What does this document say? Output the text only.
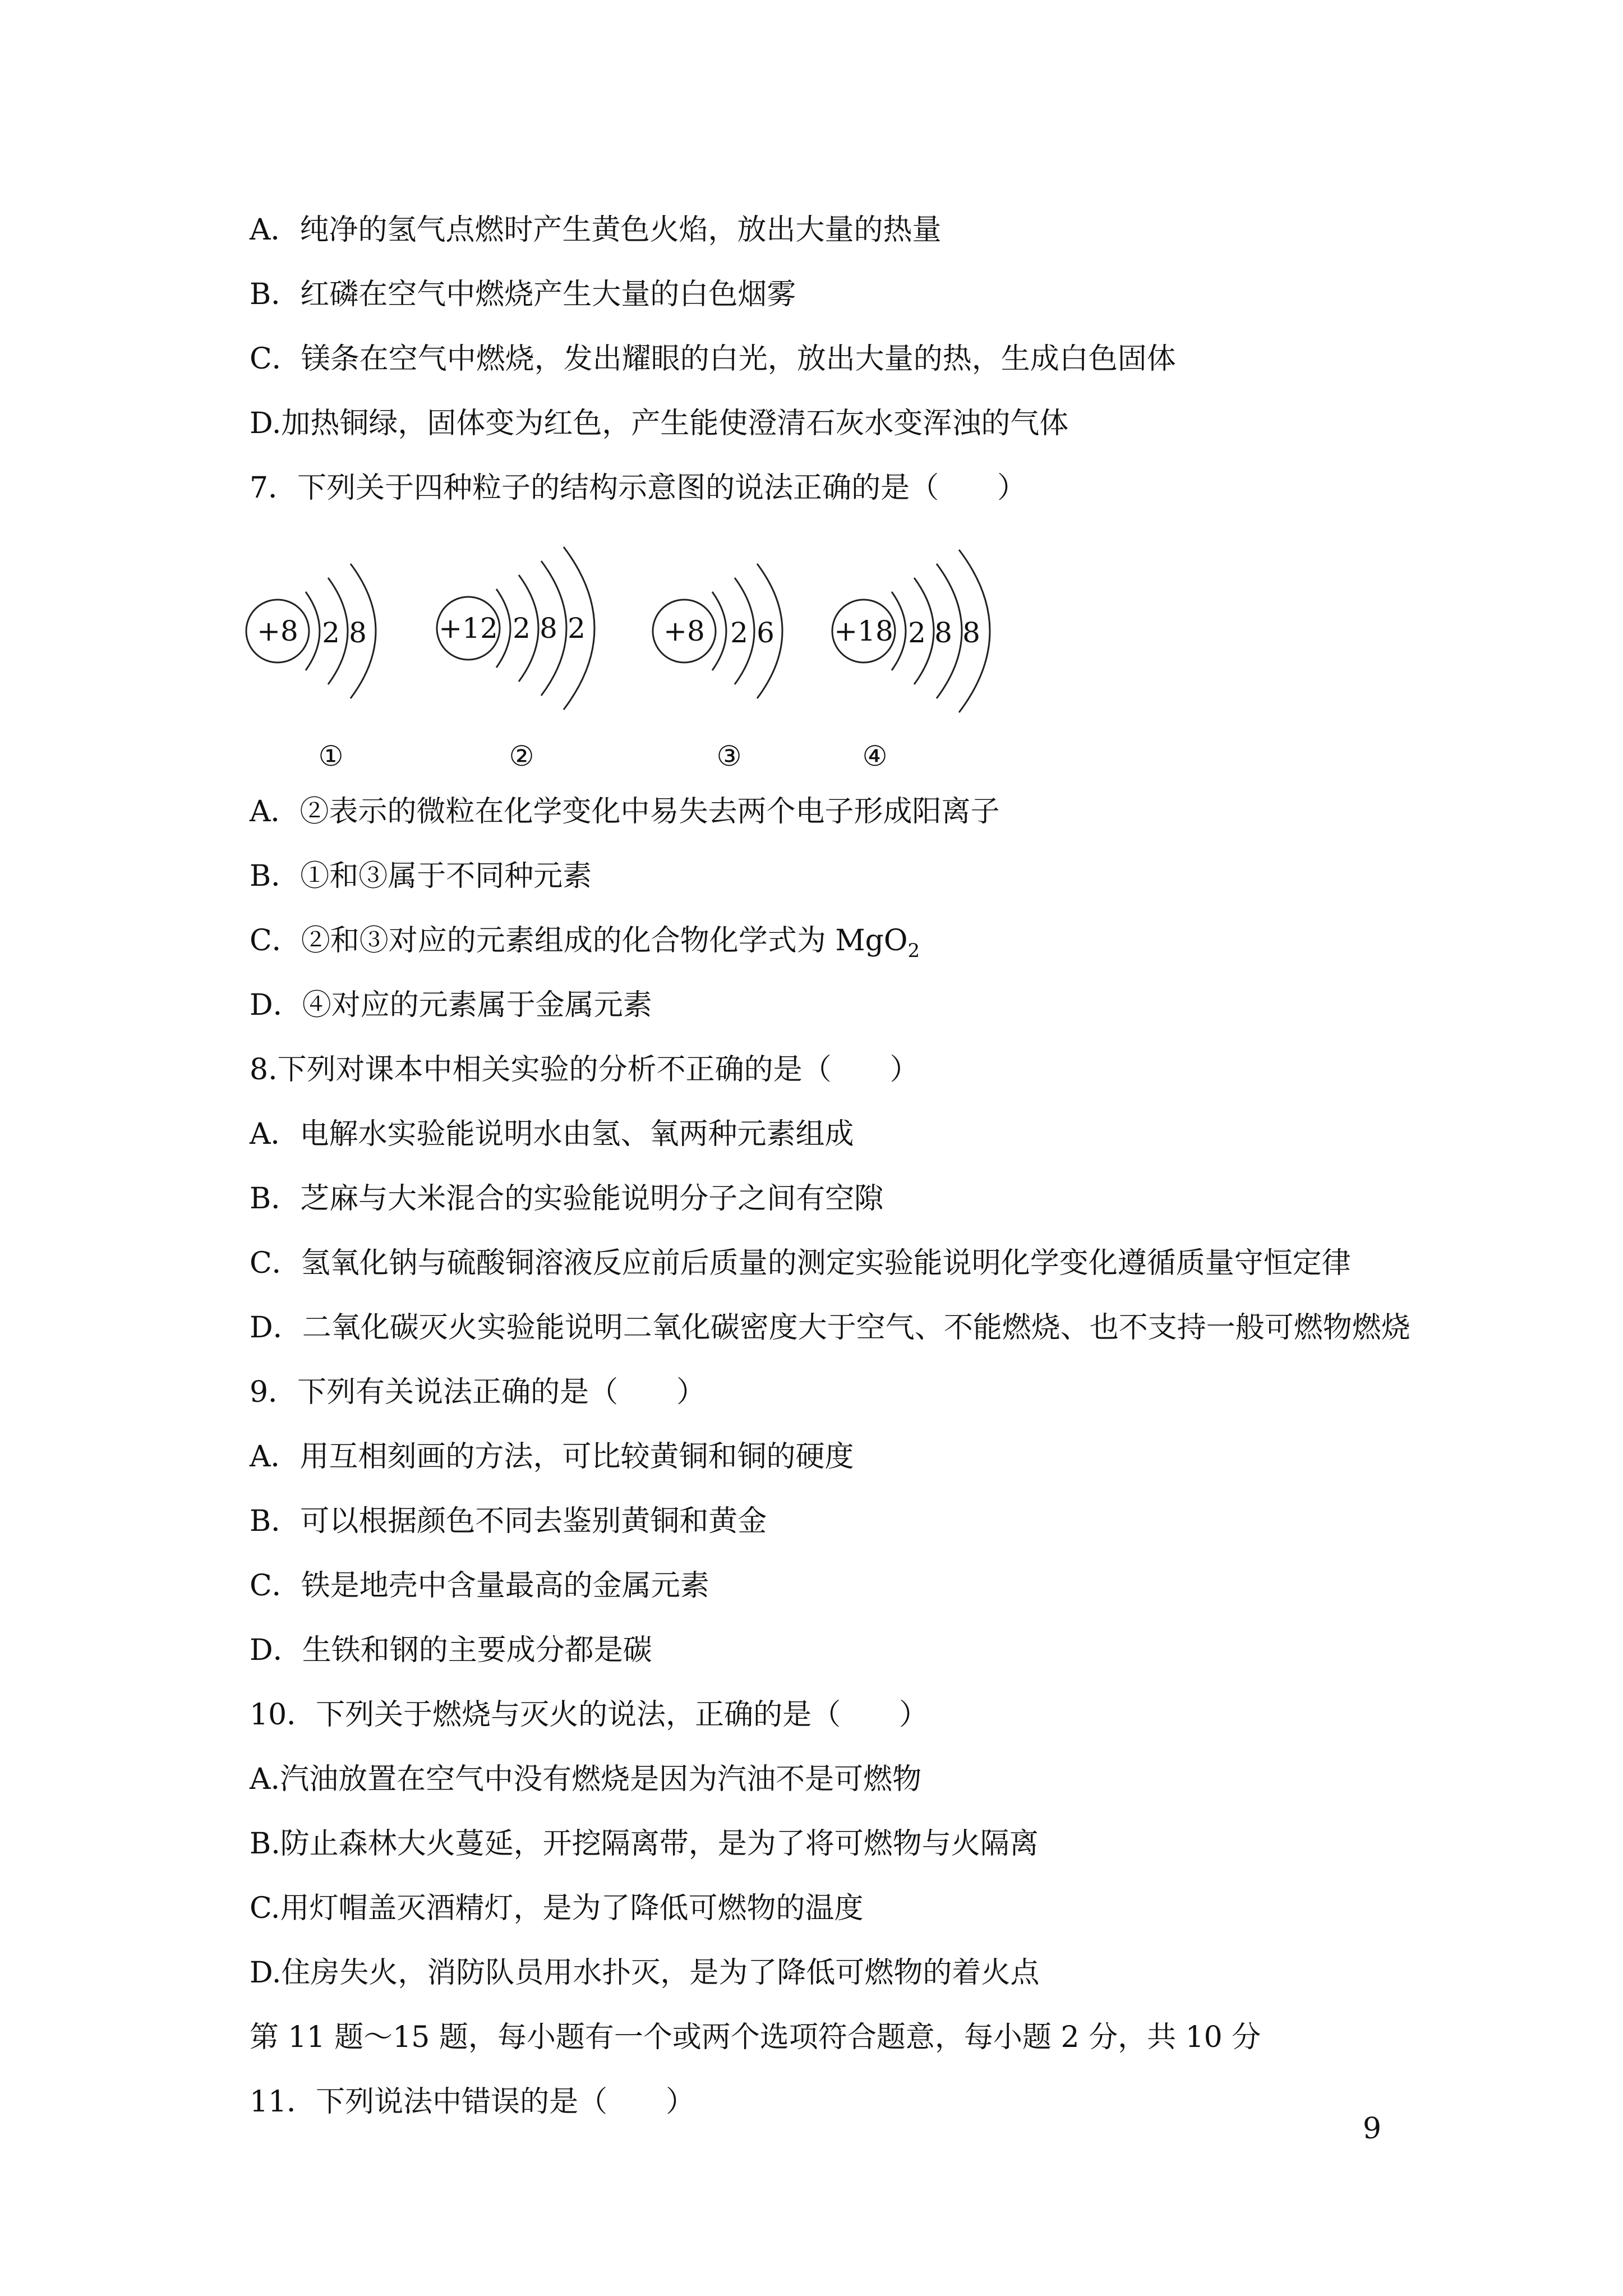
A．纯净的氢气点燃时产生黄色火焰，放出大量的热量
B．红磷在空气中燃烧产生大量的白色烟雾
C．镁条在空气中燃烧，发出耀眼的白光，放出大量的热，生成白色固体
D.加热铜绿，固体变为红色，产生能使澄清石灰水变浑浊的气体
7．下列关于四种粒子的结构示意图的说法正确的是（　　）
+8 2 8	+12 2 8 2	+8 2 6 +18 2 8 8
①	②	③	④
A．②表示的微粒在化学变化中易失去两个电子形成阳离子
B．①和③属于不同种元素
C．②和③对应的元素组成的化合物化学式为 MgO$_2$
D．④对应的元素属于金属元素
8.下列对课本中相关实验的分析不正确的是（　　）
A．电解水实验能说明水由氢、氧两种元素组成
B．芝麻与大米混合的实验能说明分子之间有空隙
C．氢氧化钠与硫酸铜溶液反应前后质量的测定实验能说明化学变化遵循质量守恒定律
D．二氧化碳灭火实验能说明二氧化碳密度大于空气、不能燃烧、也不支持一般可燃物燃烧
9．下列有关说法正确的是（　　）
A．用互相刻画的方法，可比较黄铜和铜的硬度
B．可以根据颜色不同去鉴别黄铜和黄金
C．铁是地壳中含量最高的金属元素
D．生铁和钢的主要成分都是碳
10．下列关于燃烧与灭火的说法，正确的是（　　）
A.汽油放置在空气中没有燃烧是因为汽油不是可燃物
B.防止森林大火蔓延，开挖隔离带，是为了将可燃物与火隔离
C.用灯帽盖灭酒精灯，是为了降低可燃物的温度
D.住房失火，消防队员用水扑灭，是为了降低可燃物的着火点
第 11 题～15 题，每小题有一个或两个选项符合题意，每小题 2 分，共 10 分
11．下列说法中错误的是（　　）
9
